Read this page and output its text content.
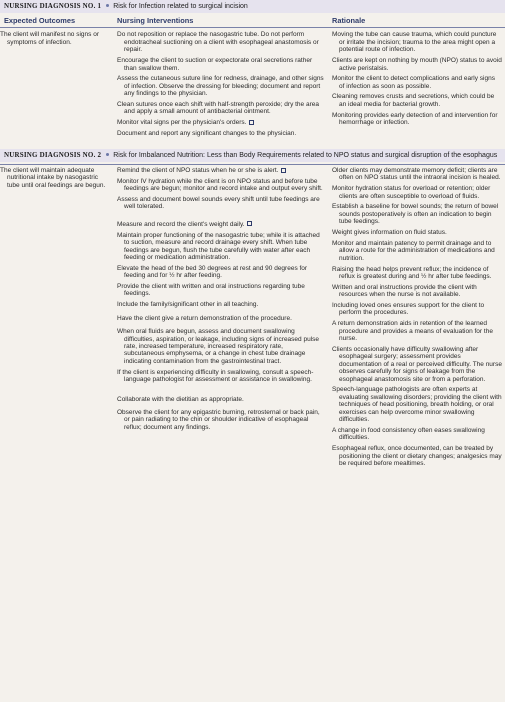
NURSING DIAGNOSIS NO. 1 Risk for Infection related to surgical incision
Expected Outcomes	Nursing Interventions	Rationale
The client will manifest no signs or symptoms of infection.
Do not reposition or replace the nasogastric tube. Do not perform endotracheal suctioning on a client with esophageal anastomosis or repair.
Encourage the client to suction or expectorate oral secretions rather than swallow them.
Assess the cutaneous suture line for redness, drainage, and other signs of infection. Observe the dressing for bleeding; document and report any findings to the physician.
Clean sutures once each shift with half-strength peroxide; dry the area and apply a small amount of antibacterial ointment.
Monitor vital signs per the physician's orders.
Document and report any significant changes to the physician.
Moving the tube can cause trauma, which could puncture or irritate the incision; trauma to the area might open a potential route of infection.
Clients are kept on nothing by mouth (NPO) status to avoid active peristalsis.
Monitor the client to detect complications and early signs of infection as soon as possible.
Cleaning removes crusts and secretions, which could be an ideal media for bacterial growth.
Monitoring provides early detection of and intervention for hemorrhage or infection.
NURSING DIAGNOSIS NO. 2 Risk for Imbalanced Nutrition: Less than Body Requirements related to NPO status and surgical disruption of the esophagus
The client will maintain adequate nutritional intake by nasogastric tube until oral feedings are begun.
Remind the client of NPO status when he or she is alert.
Monitor IV hydration while the client is on NPO status and before tube feedings are begun; monitor and record intake and output every shift.
Assess and document bowel sounds every shift until tube feedings are well tolerated.
Measure and record the client's weight daily.
Maintain proper functioning of the nasogastric tube; while it is attached to suction, measure and record drainage every shift. When tube feedings are begun, flush the tube carefully with water after each feeding or medication administration.
Elevate the head of the bed 30 degrees at rest and 90 degrees for feeding and for ½ hr after feeding.
Provide the client with written and oral instructions regarding tube feedings.
Include the family/significant other in all teaching.
Have the client give a return demonstration of the procedure.
When oral fluids are begun, assess and document swallowing difficulties, aspiration, or leakage, including signs of increased pulse rate, increased temperature, increased respiratory rate, subcutaneous emphysema, or a change in chest tube drainage indicating contamination from the gastrointestinal tract.
If the client is experiencing difficulty in swallowing, consult a speech-language pathologist for assessment or assistance in swallowing.
Collaborate with the dietitian as appropriate.
Observe the client for any epigastric burning, retrosternal or back pain, or pain radiating to the chin or shoulder indicative of esophageal reflux; document any findings.
Older clients may demonstrate memory deficit; clients are often on NPO status until the intraoral incision is healed.
Monitor hydration status for overload or retention; older clients are often susceptible to overload of fluids.
Establish a baseline for bowel sounds; the return of bowel sounds postoperatively is often an indication to begin tube feedings.
Weight gives information on fluid status.
Monitor and maintain patency to permit drainage and to allow a route for the administration of medications and nutrition.
Raising the head helps prevent reflux; the incidence of reflux is greatest during and ½ hr after tube feedings.
Written and oral instructions provide the client with resources when the nurse is not available.
Including loved ones ensures support for the client to perform the procedures.
A return demonstration aids in retention of the learned procedure and provides a means of evaluation for the nurse.
Clients occasionally have difficulty swallowing after esophageal surgery; assessment provides documentation of a real or perceived difficulty. The nurse observes carefully for signs of leakage from the esophageal anastomosis site or from a perforation.
Speech-language pathologists are often experts at evaluating swallowing disorders; providing the client with techniques of head positioning, breath holding, or oral exercises can help overcome minor swallowing difficulties.
A change in food consistency often eases swallowing difficulties.
Esophageal reflux, once documented, can be treated by positioning the client or dietary changes; analgesics may be required before mealtimes.
